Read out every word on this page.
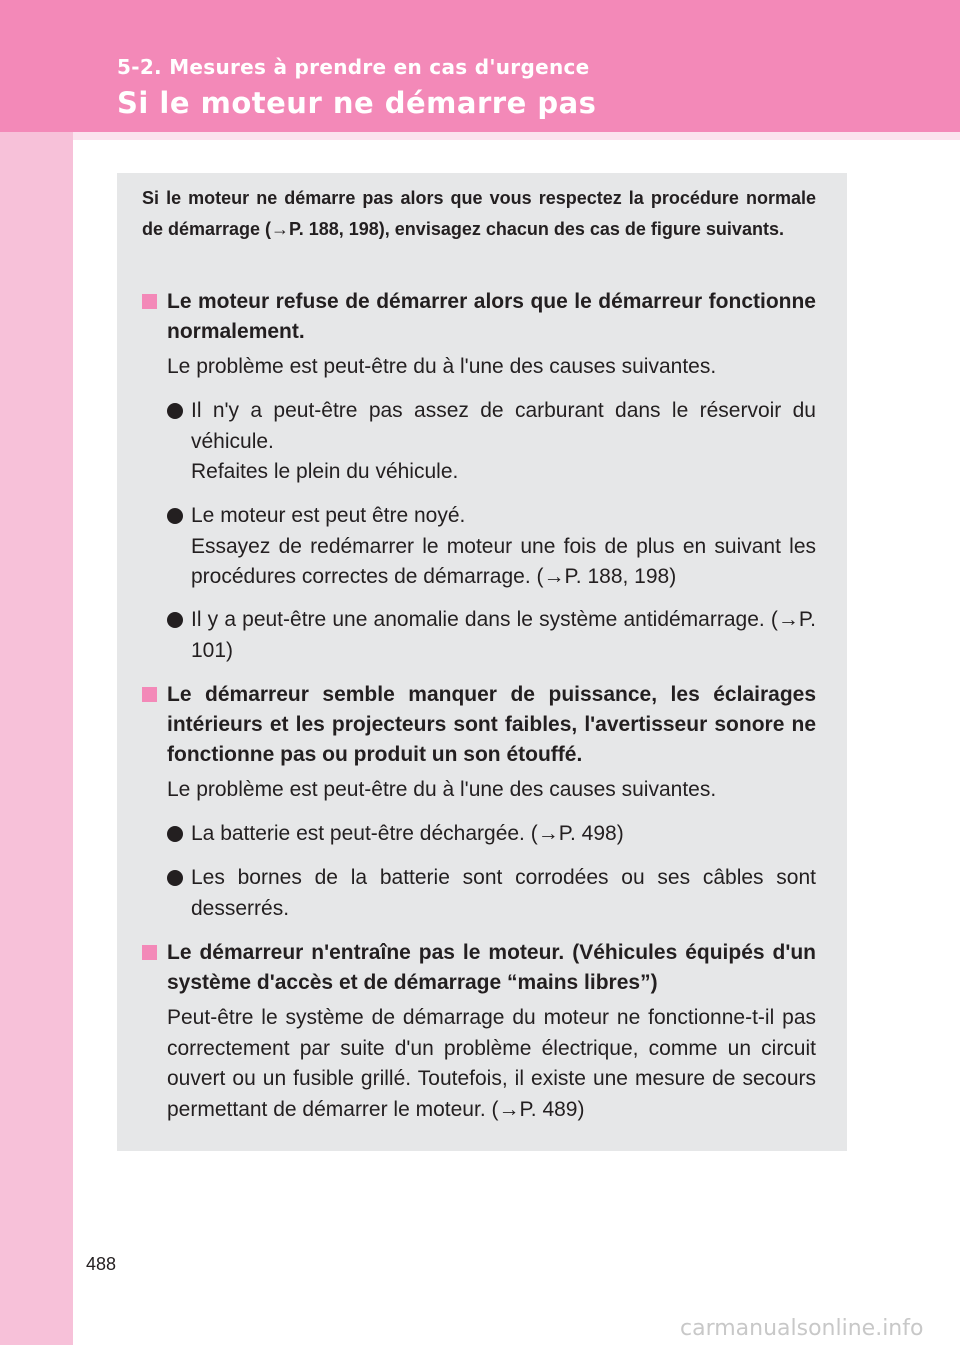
5-2. Mesures à prendre en cas d'urgence
Si le moteur ne démarre pas
Si le moteur ne démarre pas alors que vous respectez la procédure normale de démarrage (→P. 188, 198), envisagez chacun des cas de figure suivants.
Le moteur refuse de démarrer alors que le démarreur fonctionne normalement.
Le problème est peut-être du à l'une des causes suivantes.
Il n'y a peut-être pas assez de carburant dans le réservoir du véhicule.
Refaites le plein du véhicule.
Le moteur est peut être noyé.
Essayez de redémarrer le moteur une fois de plus en suivant les procédures correctes de démarrage. (→P. 188, 198)
Il y a peut-être une anomalie dans le système antidémarrage. (→P. 101)
Le démarreur semble manquer de puissance, les éclairages intérieurs et les projecteurs sont faibles, l'avertisseur sonore ne fonctionne pas ou produit un son étouffé.
Le problème est peut-être du à l'une des causes suivantes.
La batterie est peut-être déchargée. (→P. 498)
Les bornes de la batterie sont corrodées ou ses câbles sont desserrés.
Le démarreur n'entraîne pas le moteur. (Véhicules équipés d'un système d'accès et de démarrage “mains libres”)
Peut-être le système de démarrage du moteur ne fonctionne-t-il pas correctement par suite d'un problème électrique, comme un circuit ouvert ou un fusible grillé. Toutefois, il existe une mesure de secours permettant de démarrer le moteur. (→P. 489)
488
carmanualsonline.info
